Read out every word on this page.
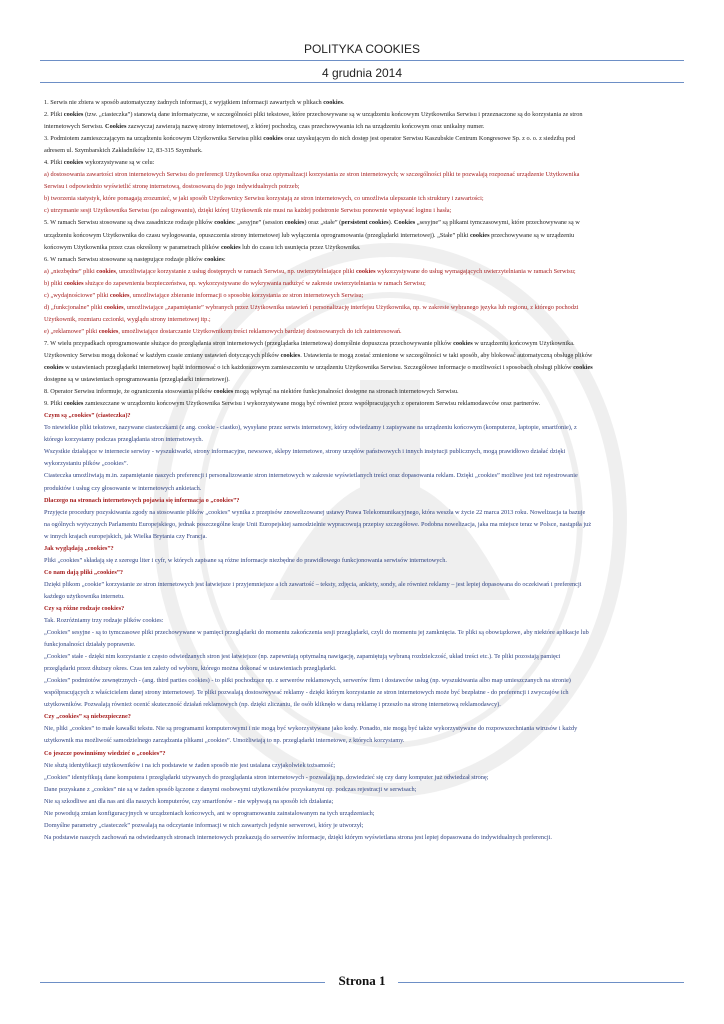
POLITYKA COOKIES
4 grudnia 2014

1. Serwis nie zbiera w sposób automatyczny żadnych informacji, z wyjątkiem informacji zawartych w plikach cookies.

2. Pliki cookies (tzw. „ciasteczka”) stanowią dane informatyczne, w szczególności pliki tekstowe, które przechowywane są w urządzeniu końcowym Użytkownika Serwisu i przeznaczone są do korzystania ze stron

internetowych Serwisu. Cookies zazwyczaj zawierają nazwę strony internetowej, z której pochodzą, czas przechowywania ich na urządzeniu końcowym oraz unikalny numer.

3. Podmiotem zamieszczającym na urządzeniu końcowym Użytkownika Serwisu pliki cookies oraz uzyskującym do nich dostęp jest operator Serwisu Kaszubskie Centrum Kongresowe Sp. z o. o. z siedzibą pod

adresem ul. Szymbarskich Zakładników 12, 83-315 Szymbark.

4. Pliki cookies wykorzystywane są w celu:

a) dostosowania zawartości stron internetowych Serwisu do preferencji Użytkownika oraz optymalizacji korzystania ze stron internetowych; w szczególności pliki te pozwalają rozpoznać urządzenie Użytkownika

Serwisu i odpowiednio wyświetlić stronę internetową, dostosowaną do jego indywidualnych potrzeb;

b) tworzenia statystyk, które pomagają zrozumieć, w jaki sposób Użytkownicy Serwisu korzystają ze stron internetowych, co umożliwia ulepszanie ich struktury i zawartości;

c) utrzymanie sesji Użytkownika Serwisu (po zalogowaniu), dzięki której Użytkownik nie musi na każdej podstronie Serwisu ponownie wpisywać loginu i hasła;

5. W ramach Serwisu stosowane są dwa zasadnicze rodzaje plików cookies: „sesyjne” (session cookies) oraz „stałe” (persistent cookies). Cookies „sesyjne” są plikami tymczasowymi, które przechowywane są w

urządzeniu końcowym Użytkownika do czasu wylogowania, opuszczenia strony internetowej lub wyłączenia oprogramowania (przeglądarki internetowej). „Stałe” pliki cookies przechowywane są w urządzeniu

końcowym Użytkownika przez czas określony w parametrach plików cookies lub do czasu ich usunięcia przez Użytkownika.

6. W ramach Serwisu stosowane są następujące rodzaje plików cookies:

a) „niezbędne” pliki cookies, umożliwiające korzystanie z usług dostępnych w ramach Serwisu, np. uwierzytelniające pliki cookies wykorzystywane do usług wymagających uwierzytelniania w ramach Serwisu;

b) pliki cookies służące do zapewnienia bezpieczeństwa, np. wykorzystywane do wykrywania nadużyć w zakresie uwierzytelniania w ramach Serwisu;

c) „wydajnościowe” pliki cookies, umożliwiające zbieranie informacji o sposobie korzystania ze stron internetowych Serwisu;

d) „funkcjonalne” pliki cookies, umożliwiające „zapamiętanie” wybranych przez Użytkownika ustawień i personalizację interfejsu Użytkownika, np. w zakresie wybranego języka lub regionu, z którego pochodzi

Użytkownik, rozmiaru czcionki, wyglądu strony internetowej itp.;

e) „reklamowe” pliki cookies, umożliwiające dostarczanie Użytkownikom treści reklamowych bardziej dostosowanych do ich zainteresowań.

7. W wielu przypadkach oprogramowanie służące do przeglądania stron internetowych (przeglądarka internetowa) domyślnie dopuszcza przechowywanie plików cookies w urządzeniu końcowym Użytkownika.

Użytkownicy Serwisu mogą dokonać w każdym czasie zmiany ustawień dotyczących plików cookies. Ustawienia te mogą zostać zmienione w szczególności w taki sposób, aby blokować automatyczną obsługę plików

cookies w ustawieniach przeglądarki internetowej bądź informować o ich każdorazowym zamieszczeniu w urządzeniu Użytkownika Serwisu. Szczegółowe informacje o możliwości i sposobach obsługi plików cookies

dostępne są w ustawieniach oprogramowania (przeglądarki internetowej).

8. Operator Serwisu informuje, że ograniczenia stosowania plików cookies mogą wpłynąć na niektóre funkcjonalności dostępne na stronach internetowych Serwisu.

9. Pliki cookies zamieszczane w urządzeniu końcowym Użytkownika Serwisu i wykorzystywane mogą być również przez współpracujących z operatorem Serwisu reklamodawców oraz partnerów.

Czym są „cookies” (ciasteczka)?

To niewielkie pliki tekstowe, nazywane ciasteczkami (z ang. cookie - ciastko), wysyłane przez serwis internetowy, który odwiedzamy i zapisywane na urządzeniu końcowym (komputerze, laptopie, smartfonie), z

którego korzystamy podczas przeglądania stron internetowych.

Wszystkie działające w internecie serwisy - wyszukiwarki, strony informacyjne, newsowe, sklepy internetowe, strony urzędów państwowych i innych instytucji publicznych, mogą prawidłowo działać dzięki

wykorzystaniu plików „cookies”.

Ciasteczka umożliwiają m.in. zapamiętanie naszych preferencji i personalizowanie stron internetowych w zakresie wyświetlanych treści oraz dopasowania reklam. Dzięki „cookies” możliwe jest też rejestrowanie

produktów i usług czy głosowanie w internetowych ankietach.

Dlaczego na stronach internetowych pojawia się informacja o „cookies”?

Przyjęcie procedury pozyskiwania zgody na stosowanie plików „cookies” wynika z przepisów znowelizowanej ustawy Prawa Telekomunikacyjnego, która weszła w życie 22 marca 2013 roku. Nowelizacja ta bazuje

na ogólnych wytycznych Parlamentu Europejskiego, jednak poszczególne kraje Unii Europejskiej samodzielnie wypracowują przepisy szczegółowe. Podobna nowelizacja, jaka ma miejsce teraz w Polsce, nastąpiła już

w innych krajach europejskich, jak Wielka Brytania czy Francja.

Jak wyglądają „cookies”?

Pliki „cookies” składają się z szeregu liter i cyfr, w których zapisane są różne informacje niezbędne do prawidłowego funkcjonowania serwisów internetowych.

Co nam dają pliki „cookies”?

Dzięki plikom „cookie” korzystanie ze stron internetowych jest łatwiejsze i przyjemniejsze a ich zawartość – teksty, zdjęcia, ankiety, sondy, ale również reklamy – jest lepiej dopasowana do oczekiwań i preferencji

każdego użytkownika internetu.

Czy są różne rodzaje cookies?

Tak. Rozróżniamy trzy rodzaje plików cookies:

„Cookies” sesyjne - są to tymczasowe pliki przechowywane w pamięci przeglądarki do momentu zakończenia sesji przeglądarki, czyli do momentu jej zamknięcia. Te pliki są obowiązkowe, aby niektóre aplikacje lub

funkcjonalności działały poprawnie.

„Cookies” stałe - dzięki nim korzystanie z często odwiedzanych stron jest łatwiejsze (np. zapewniają optymalną nawigację, zapamiętują wybraną rozdzielczość, układ treści etc.). Te pliki pozostają pamięci

przeglądarki przez dłuższy okres. Czas ten zależy od wyboru, którego można dokonać w ustawieniach przeglądarki.

„Cookies” podmiotów zewnętrznych - (ang. third parties cookies) - to pliki pochodzące np. z serwerów reklamowych, serwerów firm i dostawców usług (np. wyszukiwania albo map umieszczanych na stronie)

współpracujących z właścicielem danej strony internetowej. Te pliki pozwalają dostosowywać reklamy - dzięki którym korzystanie ze stron internetowych może być bezpłatne - do preferencji i zwyczajów ich

użytkowników. Pozwalają również ocenić skuteczność działań reklamowych (np. dzięki zliczaniu, ile osób kliknęło w daną reklamę i przeszło na stronę internetową reklamodawcy).

Czy „cookies” są niebezpieczne?

Nie, pliki „cookies” to małe kawałki tekstu. Nie są programami komputerowymi i nie mogą być wykorzystywane jako kody. Ponadto, nie mogą być także wykorzystywane do rozpowszechniania wirusów i każdy

użytkownik ma możliwość samodzielnego zarządzania plikami „cookies”. Umożliwiają to np. przeglądarki internetowe, z których korzystamy.

Co jeszcze powinniśmy wiedzieć o „cookies”?

Nie służą identyfikacji użytkowników i na ich podstawie w żaden sposób nie jest ustalana czyjakolwiek tożsamość;

„Cookies” identyfikują dane komputera i przeglądarki używanych do przeglądania stron internetowych - pozwalają np. dowiedzieć się czy dany komputer już odwiedzał stronę;

Dane pozyskane z „cookies” nie są w żaden sposób łączone z danymi osobowymi użytkowników pozyskanymi np. podczas rejestracji w serwisach;

Nie są szkodliwe ani dla nas ani dla naszych komputerów, czy smartfonów - nie wpływają na sposób ich działania;

Nie powodują zmian konfiguracyjnych w urządzeniach końcowych, ani w oprogramowaniu zainstalowanym na tych urządzeniach;

Domyślne parametry „ciasteczek” pozwalają na odczytanie informacji w nich zawartych jedynie serwerowi, który je utworzył;

Na podstawie naszych zachowań na odwiedzanych stronach internetowych przekazują do serwerów informacje, dzięki którym wyświetlana strona jest lepiej dopasowana do indywidualnych preferencji.

Strona 1
